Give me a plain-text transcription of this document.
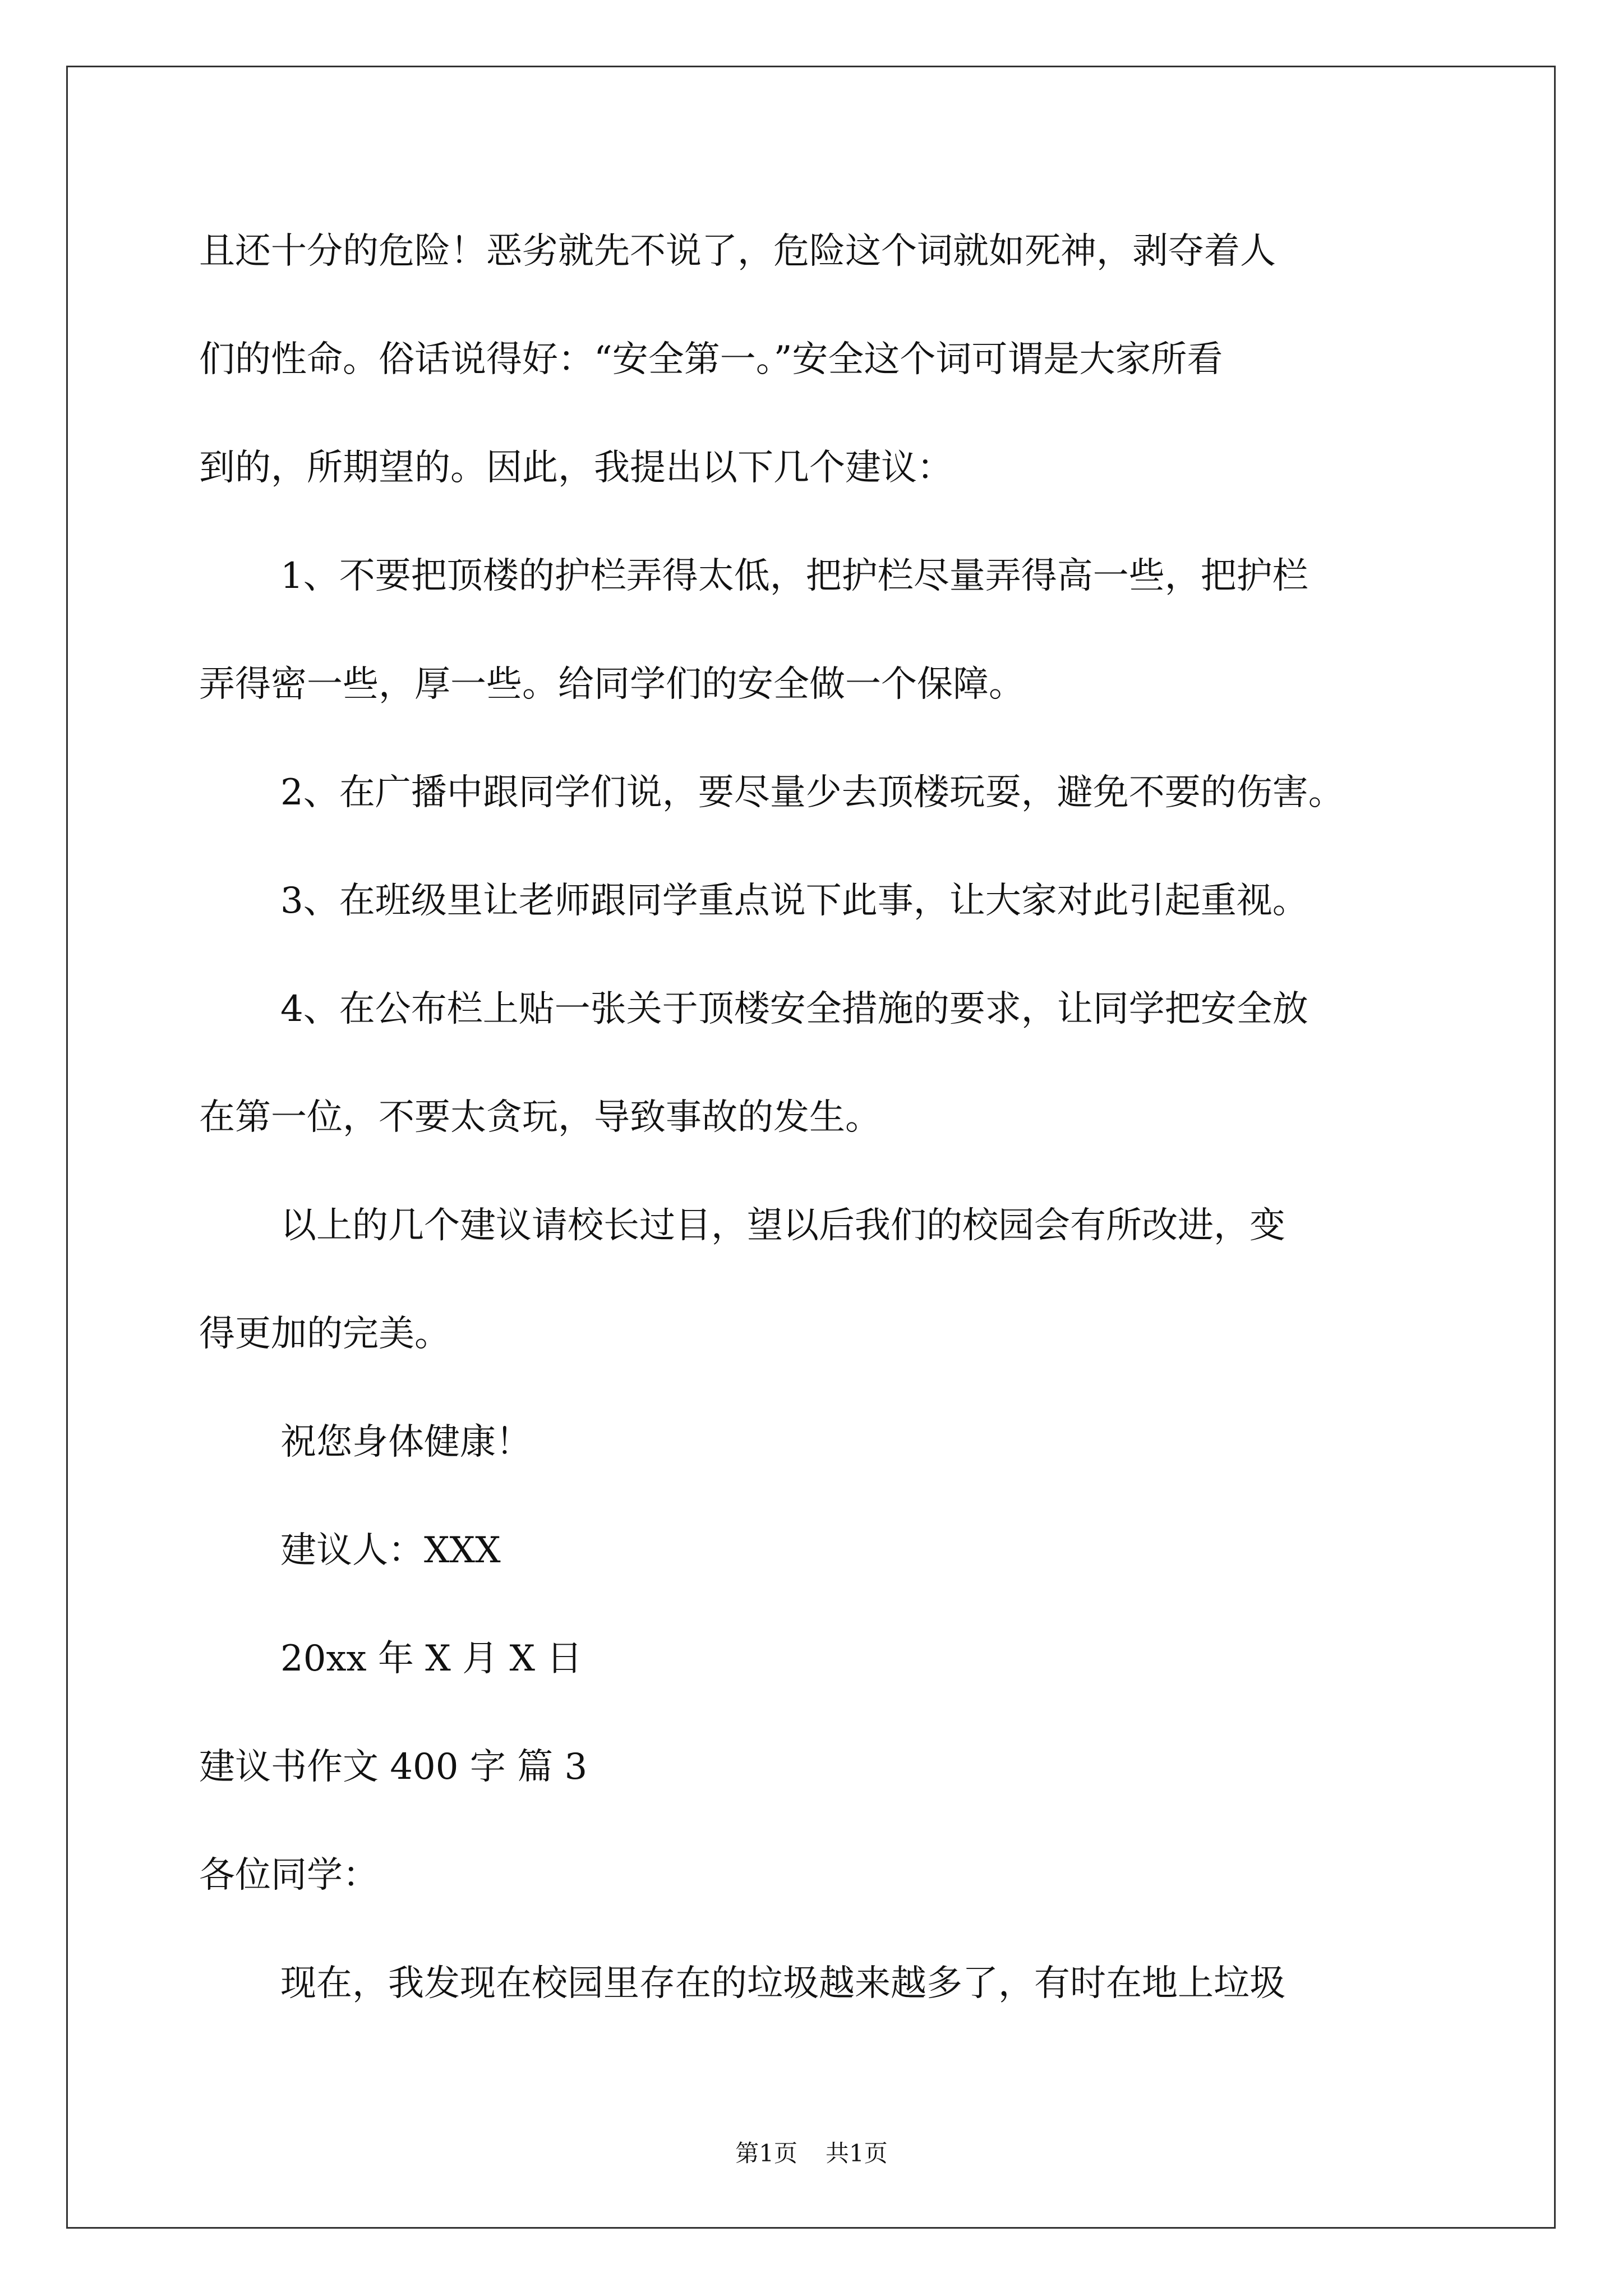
且还十分的危险！恶劣就先不说了，危险这个词就如死神，剥夺着人
们的性命。俗话说得好：“安全第一。”安全这个词可谓是大家所看
到的，所期望的。因此，我提出以下几个建议：
1、不要把顶楼的护栏弄得太低，把护栏尽量弄得高一些，把护栏
弄得密一些，厚一些。给同学们的安全做一个保障。
2、在广播中跟同学们说，要尽量少去顶楼玩耍，避免不要的伤害。
3、在班级里让老师跟同学重点说下此事，让大家对此引起重视。
4、在公布栏上贴一张关于顶楼安全措施的要求，让同学把安全放
在第一位，不要太贪玩，导致事故的发生。
以上的几个建议请校长过目，望以后我们的校园会有所改进，变
得更加的完美。
祝您身体健康！
建议人：XXX
20xx 年 X 月 X 日
建议书作文 400 字 篇 3
各位同学：
现在，我发现在校园里存在的垃圾越来越多了，有时在地上垃圾
第1页 共1页
